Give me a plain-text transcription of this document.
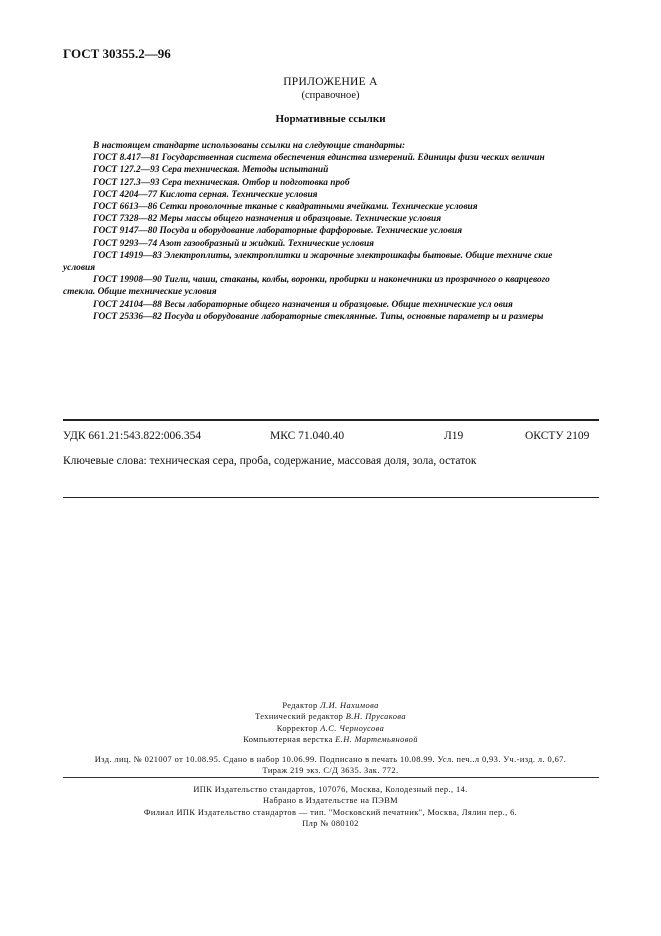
ГОСТ 30355.2—96
ПРИЛОЖЕНИЕ А
(справочное)
Нормативные ссылки
В настоящем стандарте использованы ссылки на следующие стандарты:
ГОСТ 8.417—81 Государственная система обеспечения единства измерений. Единицы физи ческих величин
ГОСТ 127.2—93 Сера техническая. Методы испытаний
ГОСТ 127.3—93 Сера техническая. Отбор и подготовка проб
ГОСТ 4204—77 Кислота серная. Технические условия
ГОСТ 6613—86 Сетки проволочные тканые с квадратными ячейками. Технические условия
ГОСТ 7328—82 Меры массы общего назначения и образцовые. Технические условия
ГОСТ 9147—80 Посуда и оборудование лабораторные фарфоровые. Технические условия
ГОСТ 9293—74 Азот газообразный и жидкий. Технические условия
ГОСТ 14919—83 Электроплиты, электроплитки и жарочные электрошкафы бытовые. Общие техниче ские
условия
ГОСТ 19908—90 Тигли, чаши, стаканы, колбы, воронки, пробирки и наконечники из прозрачного о кварцевого
стекла. Общие технические условия
ГОСТ 24104—88 Весы лабораторные общего назначения и образцовые. Общие технические усл овия
ГОСТ 25336—82 Посуда и оборудование лабораторные стеклянные. Типы, основные параметр ы и размеры
УДК 661.21:543.822:006.354	МКС 71.040.40	Л19	ОКСТУ 2109
Ключевые слова: техническая сера, проба, содержание, массовая доля, зола, остаток
Редактор Л.И. Нахимова
Технический редактор В.Н. Прусакова
Корректор А.С. Черноусова
Компьютерная верстка Е.Н. Мартемьяновой
Изд. лиц. № 021007 от 10.08.95. Сдано в набор 10.06.99. Подписано в печать 10.08.99. Усл. печ..л 0,93. Уч.-изд. л. 0,67.
Тираж 219 экз. С/Д 3635. Зак. 772.
ИПК Издательство стандартов, 107076, Москва, Колодезный пер., 14.
Набрано в Издательстве на ПЭВМ
Филиал ИПК Издательство стандартов — тип. "Московский печатник", Москва, Лялин пер., 6.
Плр № 080102
